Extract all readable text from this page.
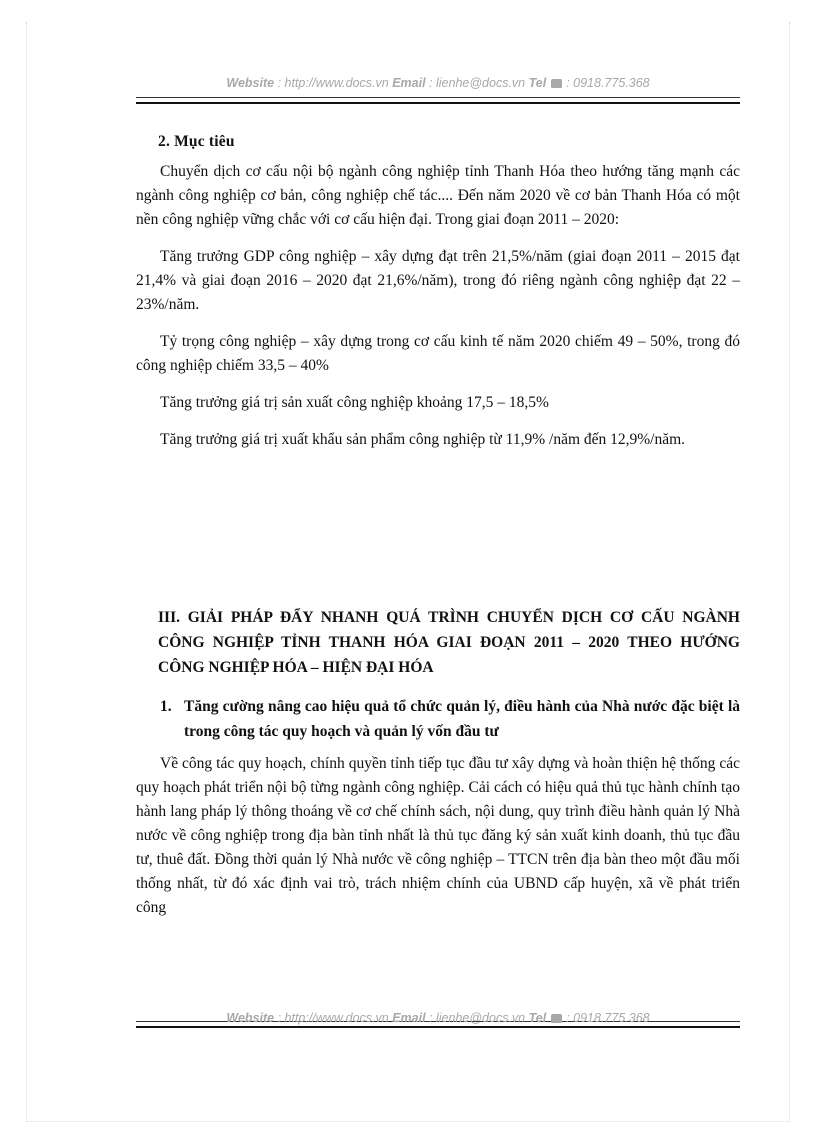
Website : http://www.docs.vn Email : lienhe@docs.vn Tel  : 0918.775.368
2. Mục tiêu

Chuyển dịch cơ cấu nội bộ ngành công nghiệp tỉnh Thanh Hóa theo hướng tăng mạnh các ngành công nghiệp cơ bản, công nghiệp chế tác.... Đến năm 2020 về cơ bản Thanh Hóa có một nền công nghiệp vững chắc với cơ cấu hiện đại. Trong giai đoạn 2011 – 2020:

Tăng trưởng GDP công nghiệp – xây dựng đạt trên 21,5%/năm (giai đoạn 2011 – 2015 đạt 21,4% và giai đoạn 2016 – 2020 đạt 21,6%/năm), trong đó riêng ngành công nghiệp đạt 22 – 23%/năm.

Tỷ trọng công nghiệp – xây dựng trong cơ cấu kinh tế năm 2020 chiếm 49 – 50%, trong đó công nghiệp chiếm 33,5 – 40%

Tăng trưởng giá trị sản xuất công nghiệp khoảng 17,5 – 18,5%

Tăng trưởng giá trị xuất khẩu sản phẩm công nghiệp từ 11,9% /năm đến 12,9%/năm.

III. GIẢI PHÁP ĐẨY NHANH QUÁ TRÌNH CHUYỂN DỊCH CƠ CẤU NGÀNH CÔNG NGHIỆP TỈNH THANH HÓA GIAI ĐOẠN 2011 – 2020 THEO HƯỚNG CÔNG NGHIỆP HÓA – HIỆN ĐẠI HÓA
1. Tăng cường nâng cao hiệu quả tổ chức quản lý, điều hành của Nhà nước đặc biệt là trong công tác quy hoạch và quản lý vốn đầu tư

Về công tác quy hoạch, chính quyền tỉnh tiếp tục đầu tư xây dựng và hoàn thiện hệ thống các quy hoạch phát triển nội bộ từng ngành công nghiệp. Cải cách có hiệu quả thủ tục hành chính tạo hành lang pháp lý thông thoáng về cơ chế chính sách, nội dung, quy trình điều hành quản lý Nhà nước về công nghiệp trong địa bàn tỉnh nhất là thủ tục đăng ký sản xuất kinh doanh, thủ tục đầu tư, thuê đất. Đồng thời quản lý Nhà nước về công nghiệp – TTCN trên địa bàn theo một đầu mối thống nhất, từ đó xác định vai trò, trách nhiệm chính của UBND cấp huyện, xã về phát triển công

Website : http://www.docs.vn Email : lienhe@docs.vn Tel  : 0918.775.368
